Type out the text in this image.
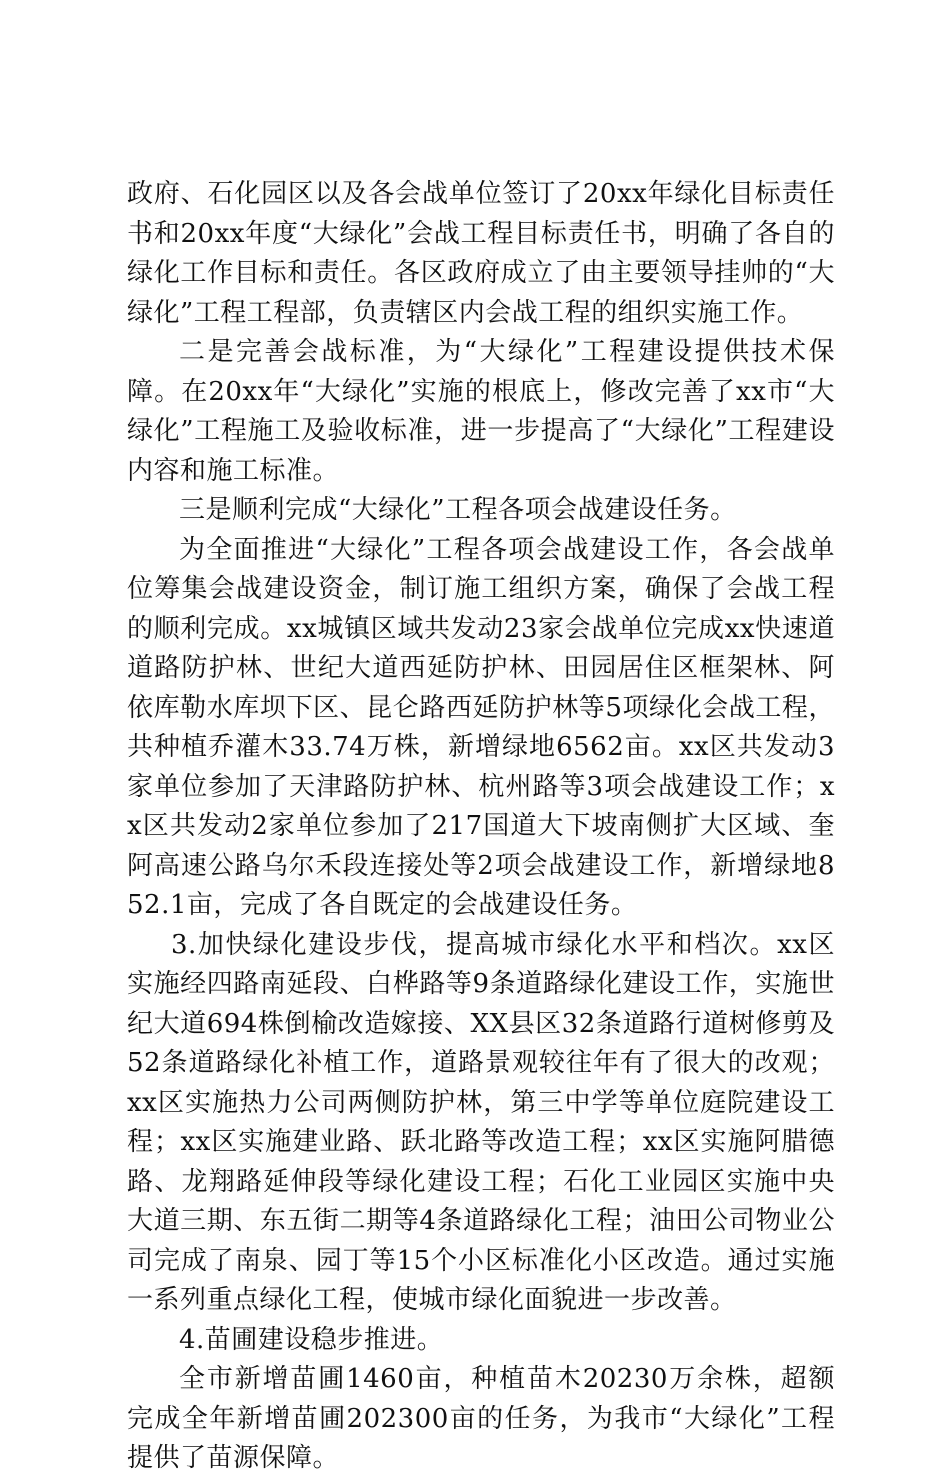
政府、石化园区以及各会战单位签订了20xx年绿化目标责任书和20xx年度“大绿化”会战工程目标责任书，明确了各自的绿化工作目标和责任。各区政府成立了由主要领导挂帅的“大绿化”工程工程部，负责辖区内会战工程的组织实施工作。

二是完善会战标准，为“大绿化”工程建设提供技术保障。在20xx年“大绿化”实施的根底上，修改完善了xx市“大绿化”工程施工及验收标准，进一步提高了“大绿化”工程建设内容和施工标准。

三是顺利完成“大绿化”工程各项会战建设任务。

为全面推进“大绿化”工程各项会战建设工作，各会战单位筹集会战建设资金，制订施工组织方案，确保了会战工程的顺利完成。xx城镇区域共发动23家会战单位完成xx快速道道路防护林、世纪大道西延防护林、田园居住区框架林、阿依库勒水库坝下区、昆仑路西延防护林等5项绿化会战工程，共种植乔灌木33.74万株，新增绿地6562亩。xx区共发动3家单位参加了天津路防护林、杭州路等3项会战建设工作；xx区共发动2家单位参加了217国道大下坡南侧扩大区域、奎阿高速公路乌尔禾段连接处等2项会战建设工作，新增绿地852.1亩，完成了各自既定的会战建设任务。

3.加快绿化建设步伐，提高城市绿化水平和档次。xx区实施经四路南延段、白桦路等9条道路绿化建设工作，实施世纪大道694株倒榆改造嫁接、XX县区32条道路行道树修剪及52条道路绿化补植工作，道路景观较往年有了很大的改观；xx区实施热力公司两侧防护林，第三中学等单位庭院建设工程；xx区实施建业路、跃北路等改造工程；xx区实施阿腊德路、龙翔路延伸段等绿化建设工程；石化工业园区实施中央大道三期、东五街二期等4条道路绿化工程；油田公司物业公司完成了南泉、园丁等15个小区标准化小区改造。通过实施一系列重点绿化工程，使城市绿化面貌进一步改善。

4.苗圃建设稳步推进。

全市新增苗圃1460亩，种植苗木20230万余株，超额完成全年新增苗圃202300亩的任务，为我市“大绿化”工程提供了苗源保障。
